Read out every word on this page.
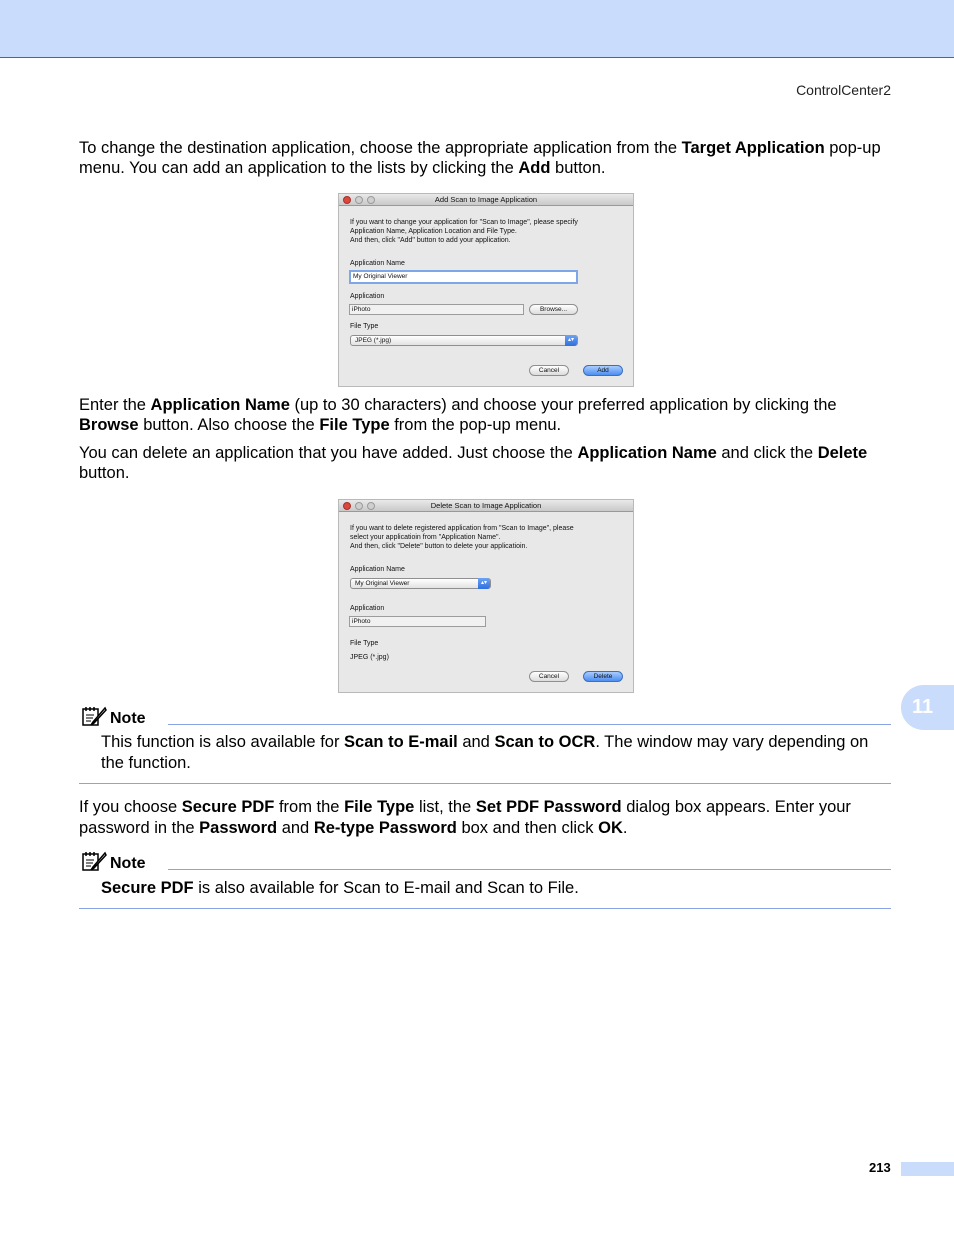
ControlCenter2

To change the destination application, choose the appropriate application from the Target Application pop-up menu. You can add an application to the lists by clicking the Add button.

Add Scan to Image Application
If you want to change your application for "Scan to Image", please specify
Application Name, Application Location and File Type.
And then, click "Add" button to add your application.
Application Name
My Original Viewer
Application
iPhoto	Browse...
File Type
JPEG (*.jpg)	▴▾
Cancel	Add

Enter the Application Name (up to 30 characters) and choose your preferred application by clicking the Browse button. Also choose the File Type from the pop-up menu.

You can delete an application that you have added. Just choose the Application Name and click the Delete button.

Delete Scan to Image Application
If you want to delete registered application from "Scan to Image", please
select your applicatioin from "Application Name".
And then, click "Delete" button to delete your applicatioin.
Application Name
My Original Viewer	▴▾
Application
iPhoto
File Type
JPEG (*.jpg)
Cancel	Delete
Note

This function is also available for Scan to E-mail and Scan to OCR. The window may vary depending on the function.

If you choose Secure PDF from the File Type list, the Set PDF Password dialog box appears. Enter your password in the Password and Re-type Password box and then click OK.

Note

Secure PDF is also available for Scan to E-mail and Scan to File.

11
213
